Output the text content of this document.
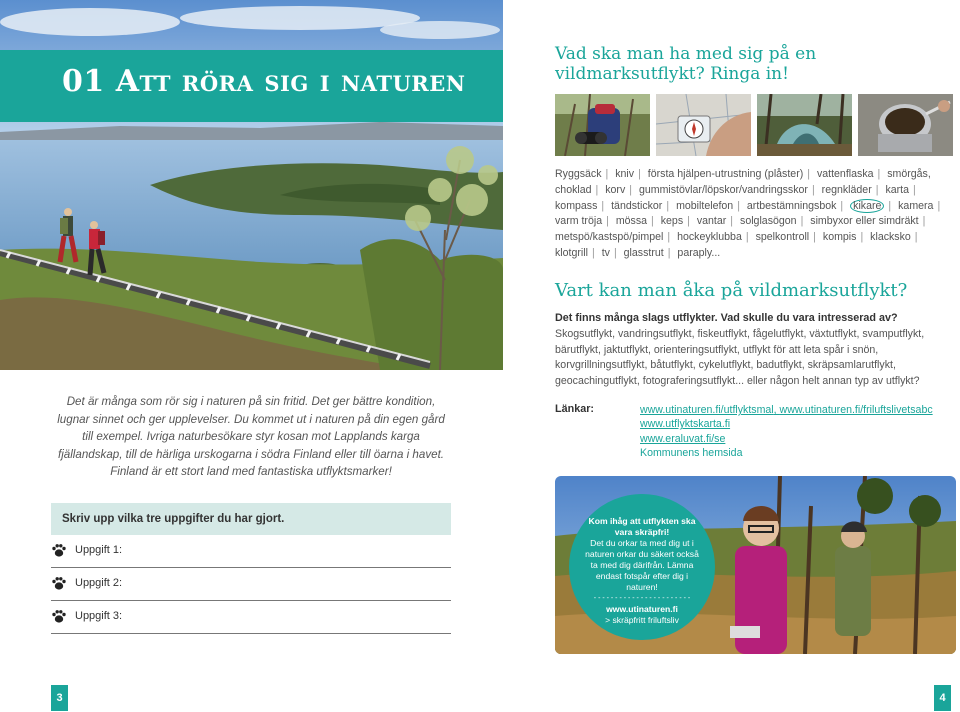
01 Att röra sig i naturen
Det är många som rör sig i naturen på sin fritid. Det ger bättre kondition, lugnar sinnet och ger upplevelser. Du kommet ut i naturen på din egen gård till exempel. Ivriga naturbesökare styr kosan mot Lapplands karga fjällandskap, till de härliga urskogarna i södra Finland eller till öarna i havet. Finland är ett stort land med fantastiska utflyktsmarker!
Skriv upp vilka tre uppgifter du har gjort.
Uppgift 1:
Uppgift 2:
Uppgift 3:
3
Vad ska man ha med sig på en vildmarksutflykt? Ringa in!
Ryggsäck | kniv | första hjälpen-utrustning (plåster) | vattenflaska | smörgås, choklad | korv | gummistövlar/löpskor/vandringsskor | regnkläder | karta | kompass | tändstickor | mobiltelefon | artbestämningsbok | kikare | kamera | varm tröja | mössa | keps | vantar | solglasögon | simbyxor eller simdräkt | metspö/kastspö/pimpel | hockeyklubba | spelkontroll | kompis | klacksko | klotgrill | tv | glasstrut | paraply...
Vart kan man åka på vildmarksutflykt?
Det finns många slags utflykter. Vad skulle du vara intresserad av?
Skogsutflykt, vandringsutflykt, fiskeutflykt, fågelutflykt, växtutflykt, svamputflykt, bärutflykt, jaktutflykt, orienteringsutflykt, utflykt för att leta spår i snön, korvgrillningsutflykt, båtutflykt, cykelutflykt, badutflykt, skräpsamlarutflykt, geocachingutflykt, fotograferingsutflykt... eller någon helt annan typ av utflykt?
Länkar:	www.utinaturen.fi/utflyktsmal, www.utinaturen.fi/friluftslivetsabc
www.utflyktskarta.fi
www.eraluvat.fi/se
Kommunens hemsida
Kom ihåg att utflykten ska vara skräpfri!
Det du orkar ta med dig ut i naturen orkar du säkert också ta med dig därifrån. Lämna endast fotspår efter dig i naturen!
- - - - - - - - - - - - - - - - - - - - - - -
www.utinaturen.fi
> skräpfritt friluftsliv
4
